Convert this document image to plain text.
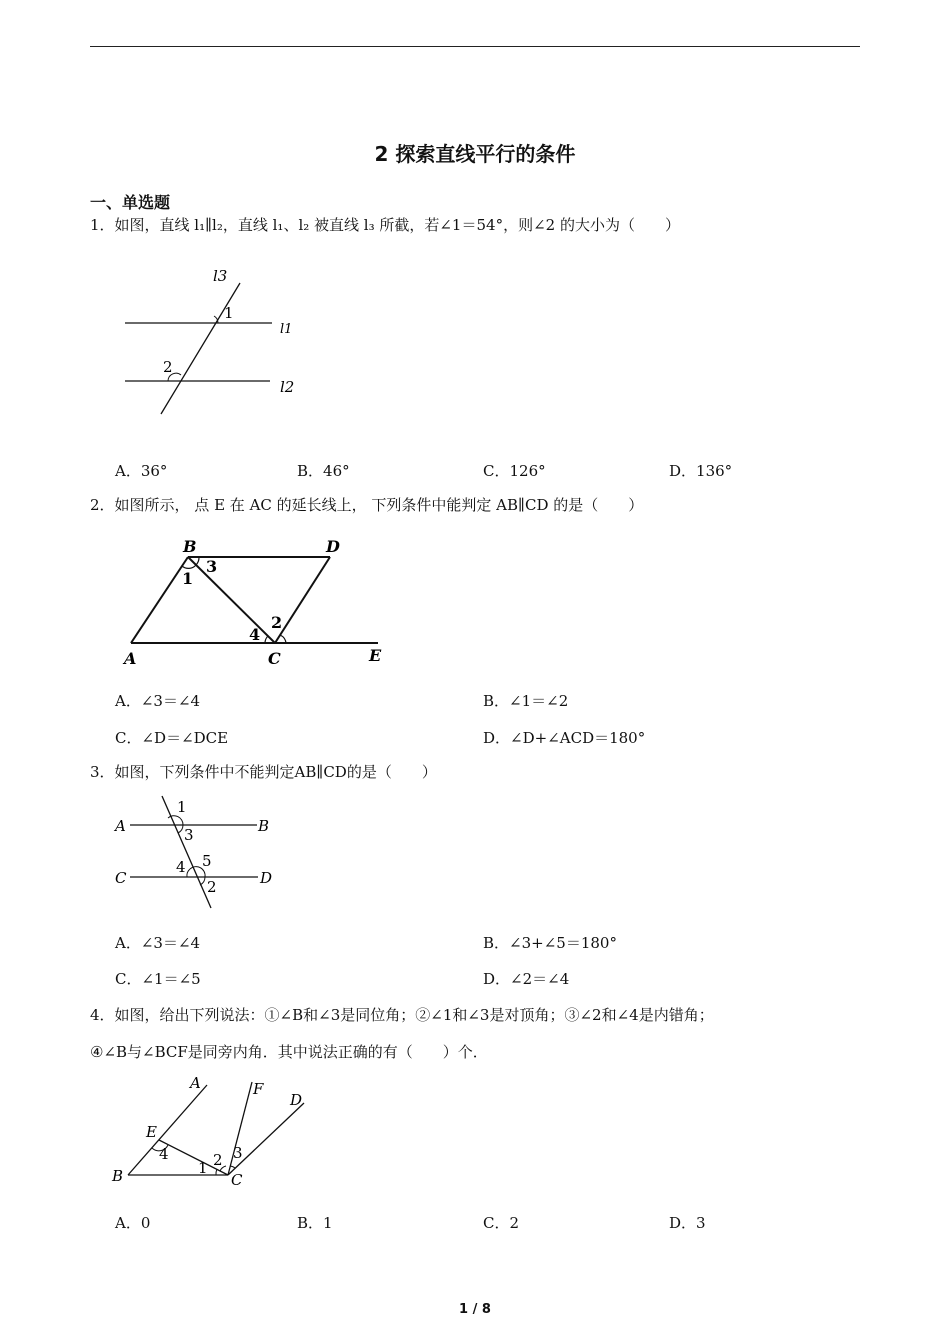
2 探索直线平行的条件
一、单选题
1．如图，直线 l₁∥l₂，直线 l₁、l₂ 被直线 l₃ 所截，若∠1＝54°，则∠2 的大小为（　　）
l3
1
l1
2
l2
A．36°	B．46°	C．126°	D．136°
2．如图所示， 点 E 在 AC 的延长线上， 下列条件中能判定 AB∥CD 的是（　　）
B	D
A	C	E
1
3
4
2
A．∠3＝∠4	B．∠1＝∠2
C．∠D＝∠DCE	D．∠D+∠ACD＝180°
3．如图，下列条件中不能判定AB∥CD的是（　　）
A	B
C	D
1
3
4 5
2
A．∠3＝∠4	B．∠3+∠5＝180°
C．∠1＝∠5	D．∠2＝∠4
4．如图，给出下列说法：①∠B和∠3是同位角；②∠1和∠3是对顶角；③∠2和∠4是内错角；
④∠B与∠BCF是同旁内角．其中说法正确的有（　　）个．
A	F
D
E
B	C
4
1 2 3
A．0	B．1	C．2	D．3
1 / 8
